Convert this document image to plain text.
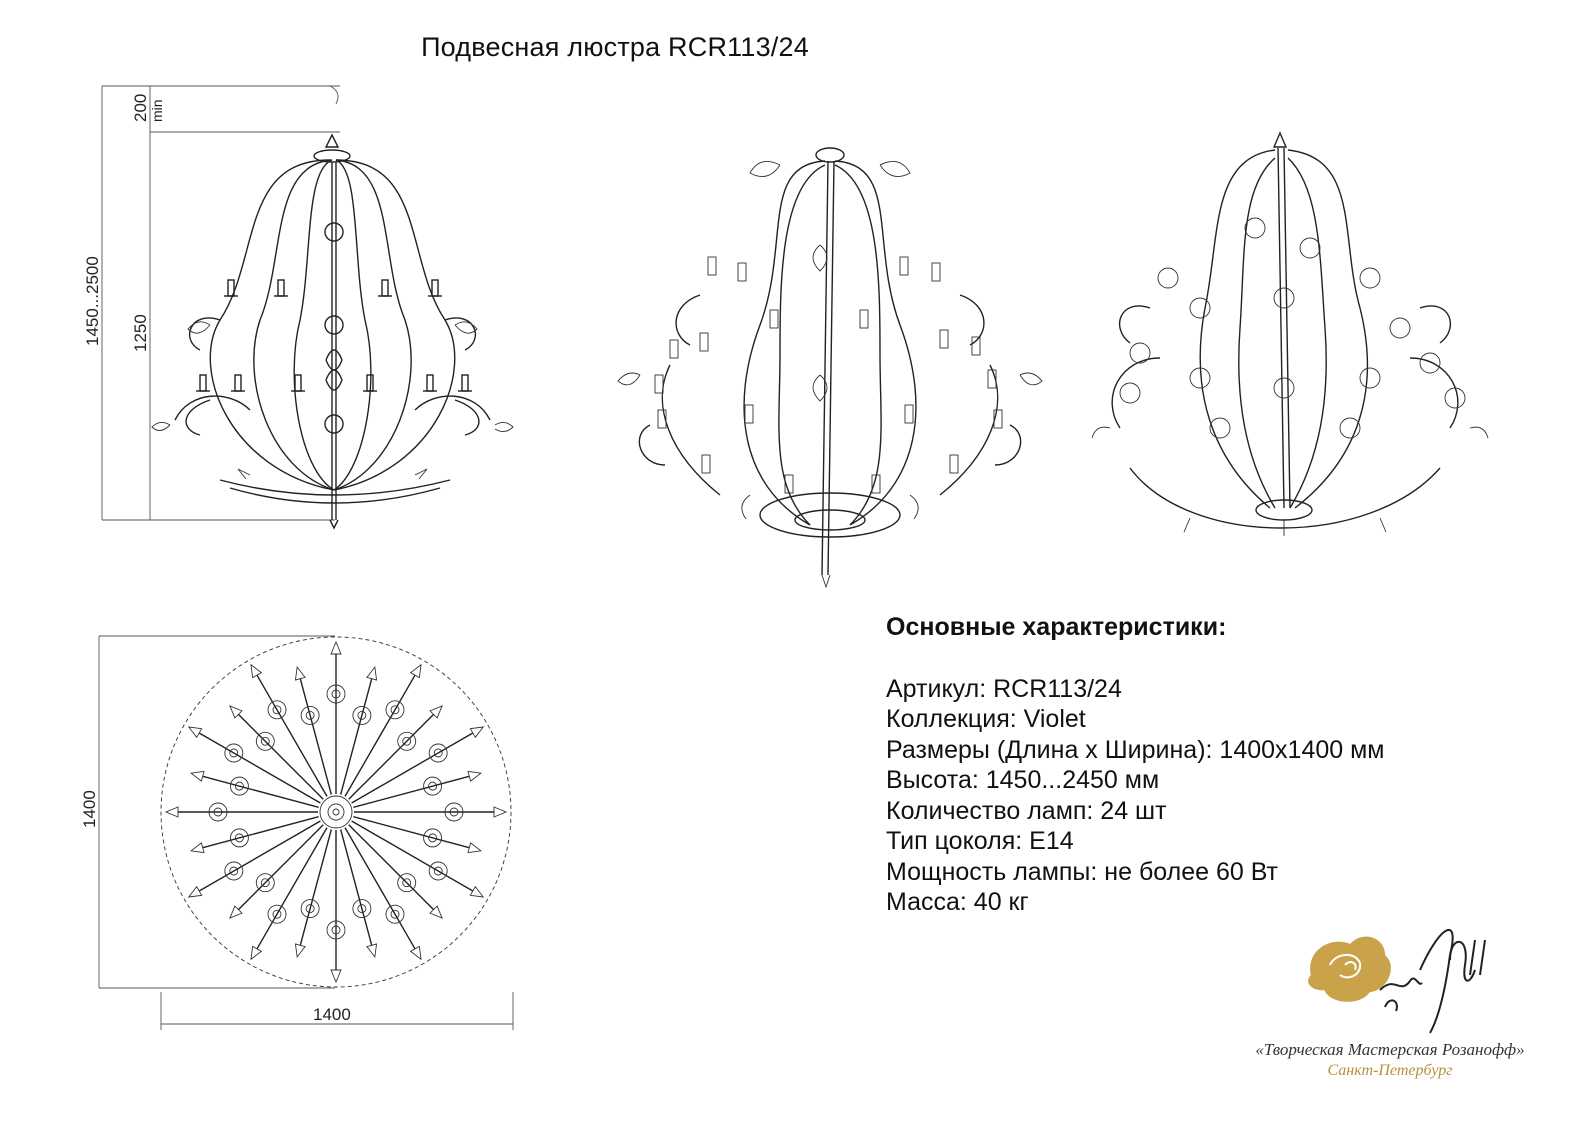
Подвесная люстра RCR113/24
1450...2500 1250
200 min
1400
1400
Основные характеристики:
Артикул: RCR113/24
Коллекция: Violet
Размеры (Длина х Ширина): 1400х1400 мм
Высота: 1450...2450 мм
Количество ламп: 24 шт
Тип цоколя: E14
Мощность лампы: не более 60 Вт
Масса: 40 кг
«Творческая Мастерская Розанофф»
Санкт-Петербург
